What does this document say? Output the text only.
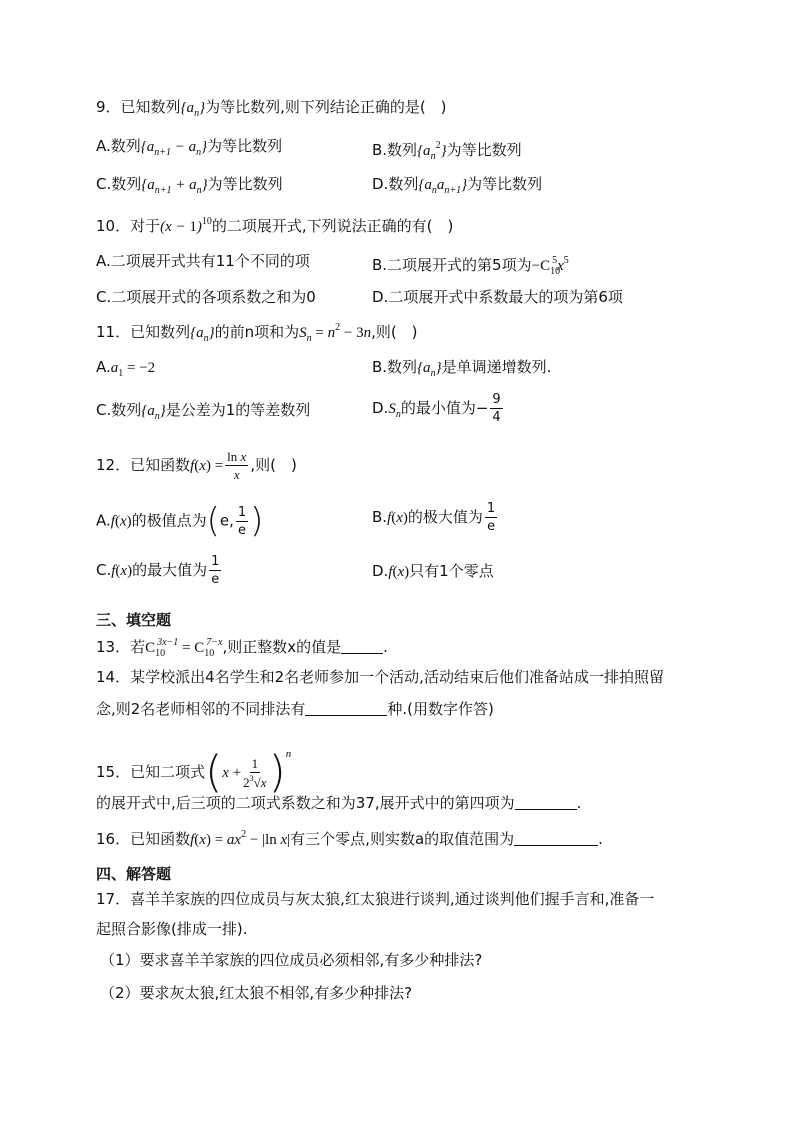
9．已知数列$\{a_n\}$为等比数列,则下列结论正确的是(　)
A.数列$\{a_{n+1} - a_n\}$为等比数列	B.数列$\{a_n^2\}$为等比数列
C.数列$\{a_{n+1} + a_n\}$为等比数列	D.数列$\{a_na_{n+1}\}$为等比数列
10．对于$(x - 1)^{10}$的二项展开式,下列说法正确的有(　)
A.二项展开式共有11个不同的项	B.二项展开式的第5项为$-C_{10}^5x^5$
C.二项展开式的各项系数之和为0	D.二项展开式中系数最大的项为第6项
11．已知数列$\{a_n\}$的前n项和为$S_n = n^2 - 3n$,则(　)
$A.a_1 = -2$	B.数列$\{a_n\}$是单调递增数列.
C.数列$\{a_n\}$是公差为1的等差数列	$D.S_n$的最小值为− $\frac{9}{4}$
12．已知函数$f(x) = \frac{\text{ln x}}{x}$ ,则(　)
A.f(x)的极值点为(e, $\frac{1}{e}$ )	B.f(x)的极大值为 $\frac{1}{e}$
C.f(x)的最大值为 $\frac{1}{e}$	D.f(x)只有1个零点
三、填空题
13．若$C_{10}^{3x-1} = C_{10}^{7-x}$,则正整数x的值是	.
14．某学校派出4名学生和2名老师参加一个活动,活动结束后他们准备站成一排拍照留
念,则2名老师相邻的不同排法有	种.(用数字作答)
15．已知二项式$(x + \frac{1}{2^3√x} )^n$
的展开式中,后三项的二项式系数之和为37,展开式中的第四项为	.
16．已知函数$f(x) = ax^2 - |\ln$ x|有三个零点,则实数a的取值范围为	.
四、解答题
17．喜羊羊家族的四位成员与灰太狼,红太狼进行谈判,通过谈判他们握手言和,准备一
起照合影像(排成一排).
（1）要求喜羊羊家族的四位成员必须相邻,有多少种排法?
（2）要求灰太狼,红太狼不相邻,有多少种排法?
